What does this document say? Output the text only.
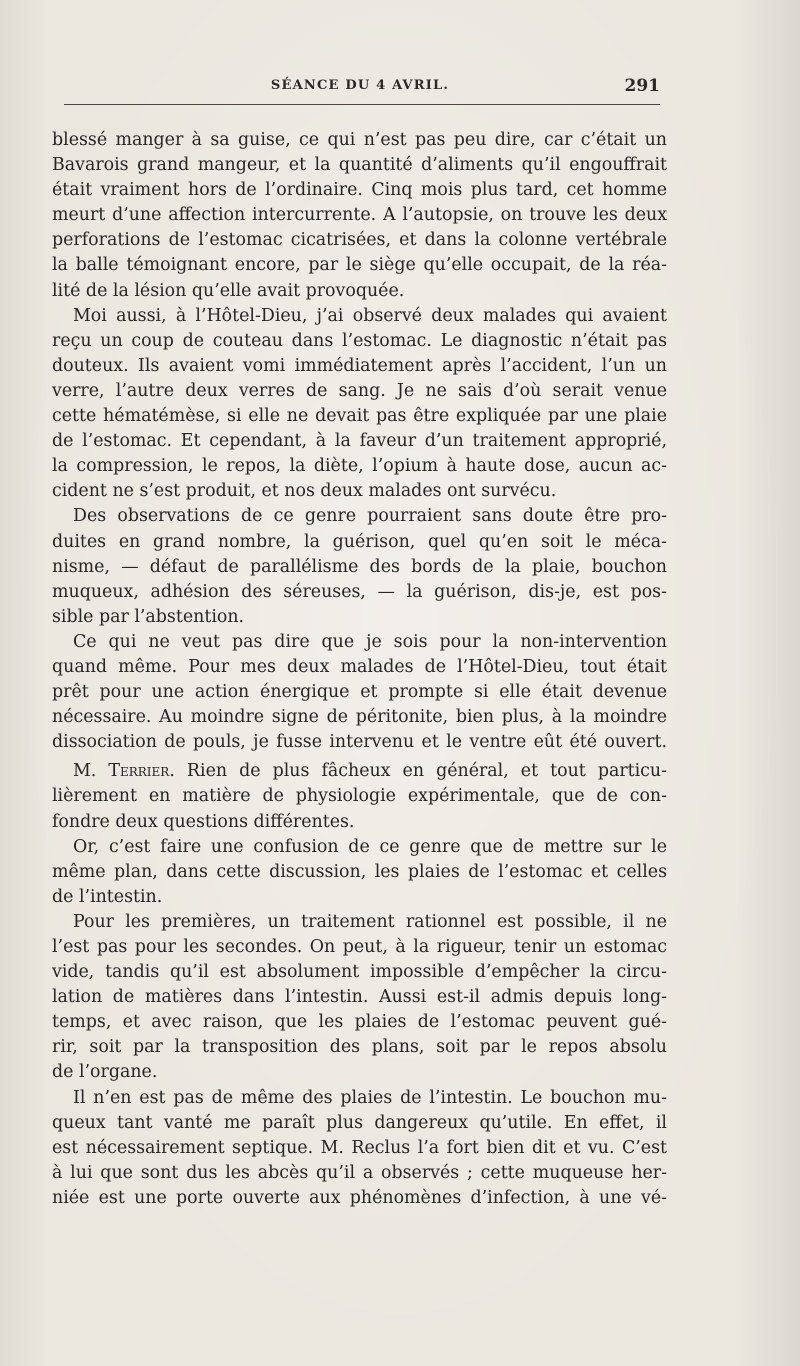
SÉANCE DU 4 AVRIL.	291
blessé manger à sa guise, ce qui n’est pas peu dire, car c’était un
Bavarois grand mangeur, et la quantité d’aliments qu’il engouffrait
était vraiment hors de l’ordinaire. Cinq mois plus tard, cet homme
meurt d’une affection intercurrente. A l’autopsie, on trouve les deux
perforations de l’estomac cicatrisées, et dans la colonne vertébrale
la balle témoignant encore, par le siège qu’elle occupait, de la réa-
lité de la lésion qu’elle avait provoquée.
Moi aussi, à l’Hôtel-Dieu, j’ai observé deux malades qui avaient
reçu un coup de couteau dans l’estomac. Le diagnostic n’était pas
douteux. Ils avaient vomi immédiatement après l’accident, l’un un
verre, l’autre deux verres de sang. Je ne sais d’où serait venue
cette hématémèse, si elle ne devait pas être expliquée par une plaie
de l’estomac. Et cependant, à la faveur d’un traitement approprié,
la compression, le repos, la diète, l’opium à haute dose, aucun ac-
cident ne s’est produit, et nos deux malades ont survécu.
Des observations de ce genre pourraient sans doute être pro-
duites en grand nombre, la guérison, quel qu’en soit le méca-
nisme, — défaut de parallélisme des bords de la plaie, bouchon
muqueux, adhésion des séreuses, — la guérison, dis-je, est pos-
sible par l’abstention.
Ce qui ne veut pas dire que je sois pour la non-intervention
quand même. Pour mes deux malades de l’Hôtel-Dieu, tout était
prêt pour une action énergique et prompte si elle était devenue
nécessaire. Au moindre signe de péritonite, bien plus, à la moindre
dissociation de pouls, je fusse intervenu et le ventre eût été ouvert.
M. Terrier. Rien de plus fâcheux en général, et tout particu-
lièrement en matière de physiologie expérimentale, que de con-
fondre deux questions différentes.
Or, c’est faire une confusion de ce genre que de mettre sur le
même plan, dans cette discussion, les plaies de l’estomac et celles
de l’intestin.
Pour les premières, un traitement rationnel est possible, il ne
l’est pas pour les secondes. On peut, à la rigueur, tenir un estomac
vide, tandis qu’il est absolument impossible d’empêcher la circu-
lation de matières dans l’intestin. Aussi est-il admis depuis long-
temps, et avec raison, que les plaies de l’estomac peuvent gué-
rir, soit par la transposition des plans, soit par le repos absolu
de l’organe.
Il n’en est pas de même des plaies de l’intestin. Le bouchon mu-
queux tant vanté me paraît plus dangereux qu’utile. En effet, il
est nécessairement septique. M. Reclus l’a fort bien dit et vu. C’est
à lui que sont dus les abcès qu’il a observés ; cette muqueuse her-
niée est une porte ouverte aux phénomènes d’infection, à une vé-
